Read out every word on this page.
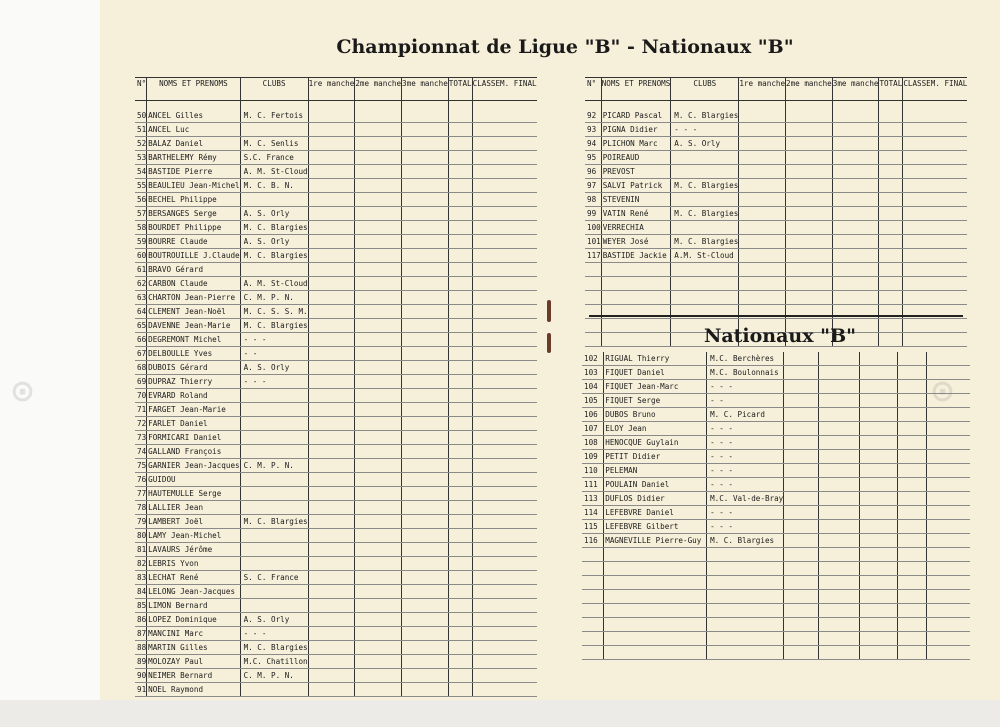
⊙	⊙
Championnat de Ligue "B" - Nationaux "B"
N°	NOMS ET PRENOMS	CLUBS	1re manche	2me manche	3me manche	TOTAL	CLASSEM. FINAL

50	ANCEL Gilles	M. C. Fertois					
51	ANCEL Luc						
52	BALAZ Daniel	M. C. Senlis					
53	BARTHELEMY Rémy	S.C. France					
54	BASTIDE Pierre	A. M. St-Cloud					
55	BEAULIEU Jean-Michel	M. C. B. N.					
56	BECHEL Philippe						
57	BERSANGES Serge	A. S. Orly					
58	BOURDET Philippe	M. C. Blargies					
59	BOURRE Claude	A. S. Orly					
60	BOUTROUILLE J.Claude	M. C. Blargies					
61	BRAVO Gérard						
62	CARBON Claude	A. M. St-Cloud					
63	CHARTON Jean-Pierre	C. M. P. N.					
64	CLEMENT Jean-Noël	M. C. S. S. M.					
65	DAVENNE Jean-Marie	M. C. Blargies					
66	DEGREMONT Michel	- - -					
67	DELBOULLE Yves	- -					
68	DUBOIS Gérard	A. S. Orly					
69	DUPRAZ Thierry	- - -					
70	EVRARD Roland						
71	FARGET Jean-Marie						
72	FARLET Daniel						
73	FORMICARI Daniel						
74	GALLAND François						
75	GARNIER Jean-Jacques	C. M. P. N.					
76	GUIDOU						
77	HAUTEMULLE Serge						
78	LALLIER Jean						
79	LAMBERT Joël	M. C. Blargies					
80	LAMY Jean-Michel						
81	LAVAURS Jérôme						
82	LEBRIS Yvon						
83	LECHAT René	S. C. France					
84	LELONG Jean-Jacques						
85	LIMON Bernard						
86	LOPEZ Dominique	A. S. Orly					
87	MANCINI Marc	- - -					
88	MARTIN Gilles	M. C. Blargies					
89	MOLOZAY Paul	M.C. Chatillon					
90	NEIMER Bernard	C. M. P. N.					
91	NOEL Raymond						
N°	NOMS ET PRENOMS	CLUBS	1re manche	2me manche	3me manche	TOTAL	CLASSEM. FINAL

92	PICARD Pascal	M. C. Blargies					
93	PIGNA Didier	- - -					
94	PLICHON Marc	A. S. Orly					
95	POIREAUD						
96	PREVOST						
97	SALVI Patrick	M. C. Blargies					
98	STEVENIN						
99	VATIN René	M. C. Blargies					
100	VERRECHIA						
101	WEYER José	M. C. Blargies					
117	BASTIDE Jackie	A.M. St-Cloud					

Nationaux "B"
102	RIGUAL Thierry	M.C. Berchères					
103	FIQUET Daniel	M.C. Boulonnais					
104	FIQUET Jean-Marc	- - -					
105	FIQUET Serge	- -					
106	DUBOS Bruno	M. C. Picard					
107	ELOY Jean	- - -					
108	HENOCQUE Guylain	- - -					
109	PETIT Didier	- - -					
110	PELEMAN	- - -					
111	POULAIN Daniel	- - -					
113	DUFLOS Didier	M.C. Val-de-Bray					
114	LEFEBVRE Daniel	- - -					
115	LEFEBVRE Gilbert	- - -					
116	MAGNEVILLE Pierre-Guy	M. C. Blargies					
